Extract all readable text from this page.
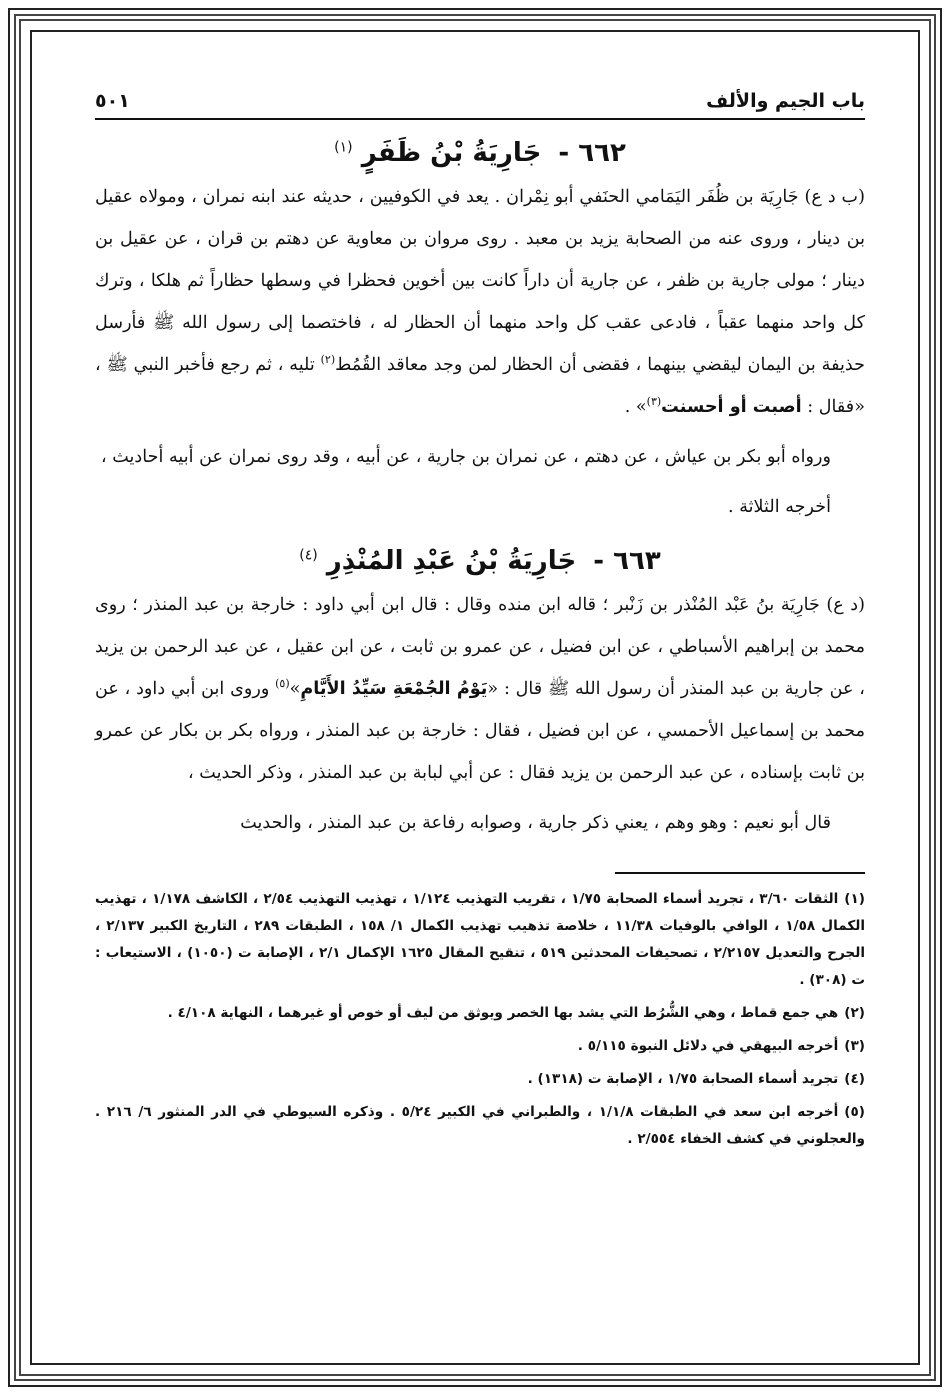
باب الجيم والألف
٥٠١
٦٦٢ - جَارِيَةُ بْنُ ظَفَرٍ $^{(١)}$

(ب د ع) جَارِيَة بن ظُفَر اليَمَامي الحنَفي أبو نِمْران . يعد في الكوفيين ، حديثه عند ابنه نمران ، ومولاه عقيل بن دينار ، وروى عنه من الصحابة يزيد بن معبد . روى مروان بن معاوية عن دهتم بن قران ، عن عقيل بن دينار ؛ مولى جارية بن ظفر ، عن جارية أن داراً كانت بين أخوين فحظرا في وسطها حظاراً ثم هلكا ، وترك كل واحد منهما عقباً ، فادعى عقب كل واحد منهما أن الحظار له ، فاختصما إلى رسول الله ﷺ فأرسل حذيفة بن اليمان ليقضي بينهما ، فقضى أن الحظار لمن وجد معاقد القُمُط$^{(٢)}$ تليه ، ثم رجع فأخبر النبي ﷺ ، «فقال : أصبت أو أحسنت$^{(٣)}$» .

ورواه أبو بكر بن عياش ، عن دهتم ، عن نمران بن جارية ، عن أبيه ، وقد روى نمران عن أبيه أحاديث ،

أخرجه الثلاثة .

٦٦٣ - جَارِيَةُ بْنُ عَبْدِ المُنْذِرِ $^{(٤)}$

(د ع) جَارِيَة بنُ عَبْد المُنْذر بن زَنْبر ؛ قاله ابن منده وقال : قال ابن أبي داود : خارجة بن عبد المنذر ؛ روى محمد بن إبراهيم الأسباطي ، عن ابن فضيل ، عن عمرو بن ثابت ، عن ابن عقيل ، عن عبد الرحمن بن يزيد ، عن جارية بن عبد المنذر أن رسول الله ﷺ قال : «يَوْمُ الجُمْعَةِ سَيِّدُ الأَيَّامِ»$^{(٥)}$ وروى ابن أبي داود ، عن محمد بن إسماعيل الأحمسي ، عن ابن فضيل ، فقال : خارجة بن عبد المنذر ، ورواه بكر بن بكار عن عمرو بن ثابت بإسناده ، عن عبد الرحمن بن يزيد فقال : عن أبي لبابة بن عبد المنذر ، وذكر الحديث ،

قال أبو نعيم : وهو وهم ، يعني ذكر جارية ، وصوابه رفاعة بن عبد المنذر ، والحديث

(١)الثقات ٣/٦٠ ، تجريد أسماء الصحابة ١/٧٥ ، تقريب التهذيب ١/١٢٤ ، تهذيب التهذيب ٢/٥٤ ، الكاشف ١/١٧٨ ، تهذيب الكمال ١/٥٨ ، الوافي بالوفيات ١١/٣٨ ، خلاصة تذهيب تهذيب الكمال ١/ ١٥٨ ، الطبقات ٢٨٩ ، التاريخ الكبير ٢/١٣٧ ، الجرح والتعديل ٢/٢١٥٧ ، تصحيفات المحدثين ٥١٩ ، تنقيح المقال ١٦٢٥ الإكمال ٢/١ ، الإصابة ت (١٠٥٠) ، الاستيعاب : ت (٣٠٨) .

(٢)هي جمع قماط ، وهي الشُّرُط التي يشد بها الخصر ويوثق من ليف أو خوص أو غيرهما ، النهاية ٤/١٠٨ .

(٣)أخرجه البيهقي في دلائل النبوة ٥/١١٥ .

(٤)تجريد أسماء الصحابة ١/٧٥ ، الإصابة ت (١٣١٨) .

(٥)أخرجه ابن سعد في الطبقات ١/١/٨ ، والطبراني في الكبير ٥/٢٤ . وذكره السيوطي في الدر المنثور ٦/ ٢١٦ . والعجلوني في كشف الخفاء ٢/٥٥٤ .
